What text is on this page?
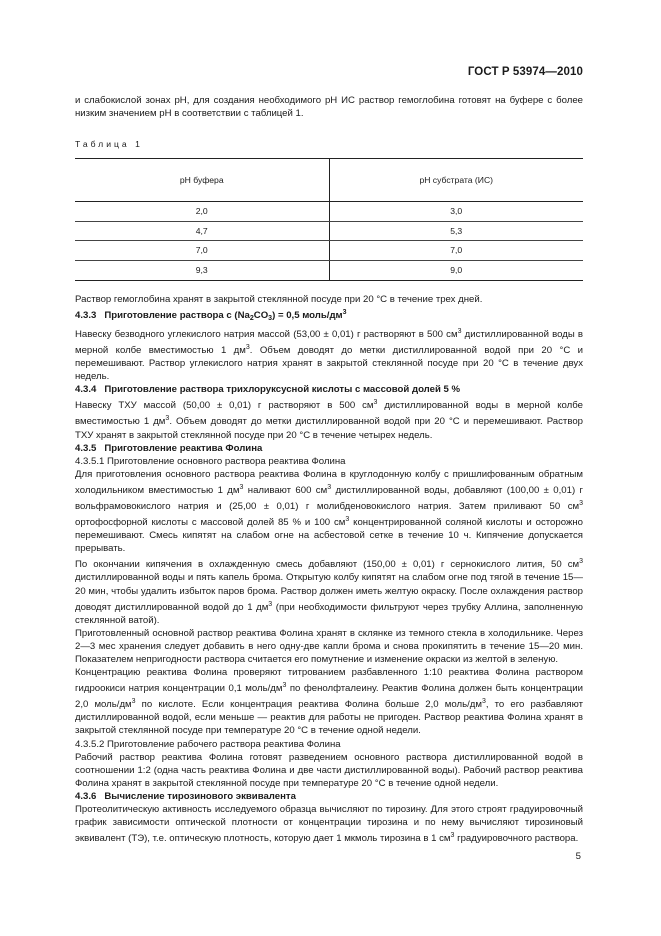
ГОСТ Р 53974—2010

и слабокислой зонах pH, для создания необходимого pH ИС раствор гемоглобина готовят на буфере с более низким значением pH в соответствии с таблицей 1.

Таблица 1
pH буфера	pH субстрата (ИС)
2,0	3,0
4,7	5,3
7,0	7,0
9,3	9,0

Раствор гемоглобина хранят в закрытой стеклянной посуде при 20 °С в течение трех дней.

4.3.3 Приготовление раствора с $(Na_2CO_3) = 0,5$ моль/$дм^3$

Навеску безводного углекислого натрия массой (53,00 ± 0,01) г растворяют в 500 $см^3$ дистиллированной воды в мерной колбе вместимостью 1 $дм^3$. Объем доводят до метки дистиллированной водой при 20 °С и перемешивают. Раствор углекислого натрия хранят в закрытой стеклянной посуде при 20 °С в течение двух недель.

4.3.4 Приготовление раствора трихлоруксусной кислоты с массовой долей 5 %

Навеску ТХУ массой (50,00 ± 0,01) г растворяют в 500 $см^3$ дистиллированной воды в мерной колбе вместимостью 1 $дм^3$. Объем доводят до метки дистиллированной водой при 20 °С и перемешивают. Раствор ТХУ хранят в закрытой стеклянной посуде при 20 °С в течение четырех недель.

4.3.5 Приготовление реактива Фолина

4.3.5.1 Приготовление основного раствора реактива Фолина

Для приготовления основного раствора реактива Фолина в круглодонную колбу с пришлифованным обратным холодильником вместимостью 1 $дм^3$ наливают 600 $см^3$ дистиллированной воды, добавляют (100,00 ± 0,01) г вольфрамовокислого натрия и (25,00 ± 0,01) г молибденовокислого натрия. Затем приливают 50 $см^3$ ортофосфорной кислоты с массовой долей 85 % и 100 $см^3$ концентрированной соляной кислоты и осторожно перемешивают. Смесь кипятят на слабом огне на асбестовой сетке в течение 10 ч. Кипячение допускается прерывать.

По окончании кипячения в охлажденную смесь добавляют (150,00 ± 0,01) г сернокислого лития, 50 $см^3$ дистиллированной воды и пять капель брома. Открытую колбу кипятят на слабом огне под тягой в течение 15—20 мин, чтобы удалить избыток паров брома. Раствор должен иметь желтую окраску. После охлаждения раствор доводят дистиллированной водой до 1 $дм^3$ (при необходимости фильтруют через трубку Аллина, заполненную стеклянной ватой).

Приготовленный основной раствор реактива Фолина хранят в склянке из темного стекла в холодильнике. Через 2—3 мес хранения следует добавить в него одну-две капли брома и снова прокипятить в течение 15—20 мин. Показателем непригодности раствора считается его помутнение и изменение окраски из желтой в зеленую.

Концентрацию реактива Фолина проверяют титрованием разбавленного 1:10 реактива Фолина раствором гидроокиси натрия концентрации 0,1 моль/$дм^3$ по фенолфталеину. Реактив Фолина должен быть концентрации 2,0 моль/$дм^3$ по кислоте. Если концентрация реактива Фолина больше 2,0 моль/$дм^3$, то его разбавляют дистиллированной водой, если меньше — реактив для работы не пригоден. Раствор реактива Фолина хранят в закрытой стеклянной посуде при температуре 20 °С в течение одной недели.

4.3.5.2 Приготовление рабочего раствора реактива Фолина

Рабочий раствор реактива Фолина готовят разведением основного раствора дистиллированной водой в соотношении 1:2 (одна часть реактива Фолина и две части дистиллированной воды). Рабочий раствор реактива Фолина хранят в закрытой стеклянной посуде при температуре 20 °С в течение одной недели.

4.3.6 Вычисление тирозинового эквивалента

Протеолитическую активность исследуемого образца вычисляют по тирозину. Для этого строят градуировочный график зависимости оптической плотности от концентрации тирозина и по нему вычисляют тирозиновый эквивалент (ТЭ), т.е. оптическую плотность, которую дает 1 мкмоль тирозина в 1 $см^3$ градуировочного раствора.

5
